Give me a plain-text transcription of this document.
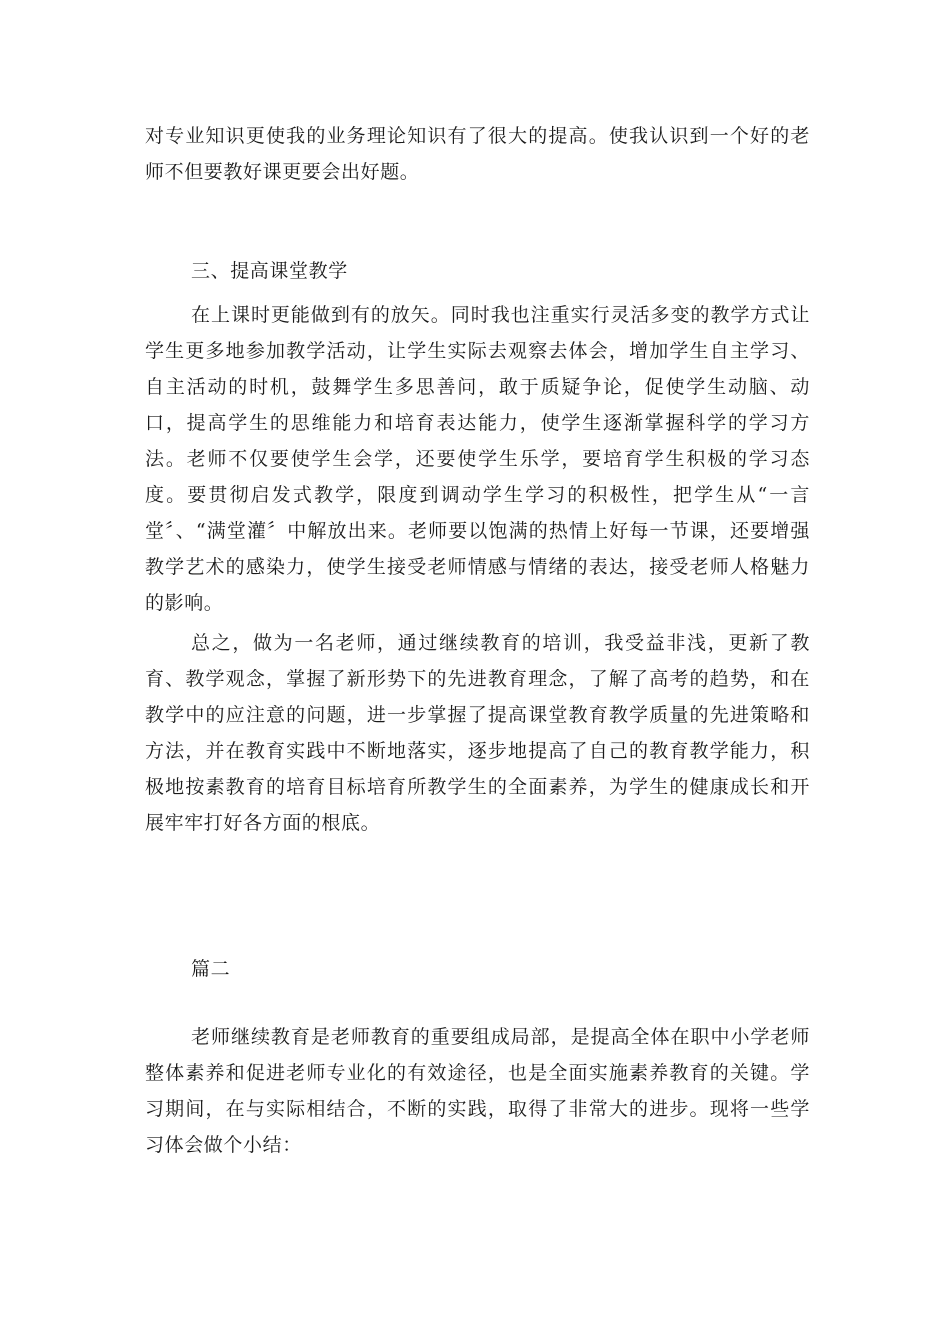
对专业知识更使我的业务理论知识有了很大的提高。使我认识到一个好的老师不但要教好课更要会出好题。

三、提高课堂教学

在上课时更能做到有的放矢。同时我也注重实行灵活多变的教学方式让学生更多地参加教学活动，让学生实际去观察去体会，增加学生自主学习、自主活动的时机，鼓舞学生多思善问，敢于质疑争论，促使学生动脑、动口，提高学生的思维能力和培育表达能力，使学生逐渐掌握科学的学习方法。老师不仅要使学生会学，还要使学生乐学，要培育学生积极的学习态度。要贯彻启发式教学，限度到调动学生学习的积极性，把学生从“一言堂〞、“满堂灌〞中解放出来。老师要以饱满的热情上好每一节课，还要增强教学艺术的感染力，使学生接受老师情感与情绪的表达，接受老师人格魅力的影响。

总之，做为一名老师，通过继续教育的培训，我受益非浅，更新了教育、教学观念，掌握了新形势下的先进教育理念，了解了高考的趋势，和在教学中的应注意的问题，进一步掌握了提高课堂教育教学质量的先进策略和方法，并在教育实践中不断地落实，逐步地提高了自己的教育教学能力，积极地按素教育的培育目标培育所教学生的全面素养，为学生的健康成长和开展牢牢打好各方面的根底。

篇二

老师继续教育是老师教育的重要组成局部，是提高全体在职中小学老师整体素养和促进老师专业化的有效途径，也是全面实施素养教育的关键。学习期间，在与实际相结合，不断的实践，取得了非常大的进步。现将一些学习体会做个小结：
